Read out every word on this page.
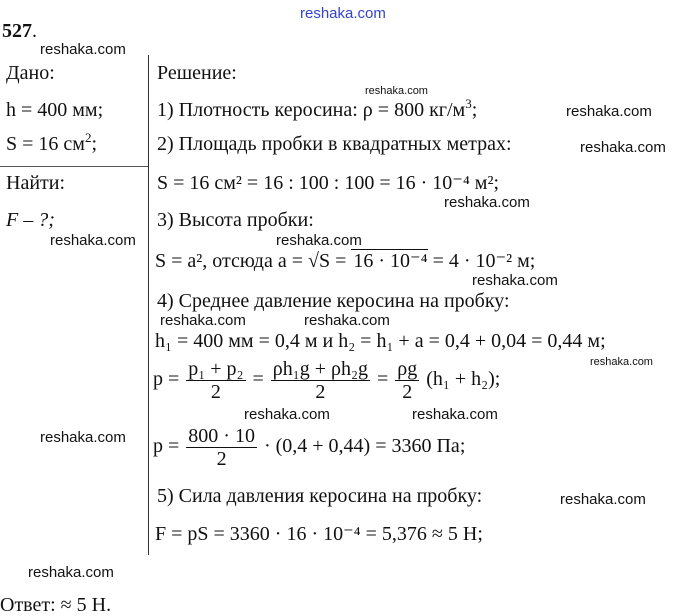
reshaka.com
527.
Дано:
h = 400 мм;
S = 16 $см^2$;
Найти:
F – ?;
Решение:
1) Плотность керосина: ρ = 800 $кг/м^3$;
2) Площадь пробки в квадратных метрах:
S = 16 см² = 16 : 100 : 100 = 16 · 10⁻⁴ м²;
3) Высота пробки:
S = a², отсюда a = √S = 16 · 10⁻⁴ = 4 · 10⁻² м;
4) Среднее давление керосина на пробку:
h₁ = 400 мм = 0,4 м и h₂ = h₁ + a = 0,4 + 0,04 = 0,44 м;
$p = \frac{\text{p₁ + p₂}}{2} = \frac{\text{ρh₁g + ρh₂g}}{2} = \frac{\rho g}{2} (h_1 + h_2)$;
$p = \frac{800 \cdot 10}{2} \cdot (0,4 + 0,44) = 3360$ Па;
5) Сила давления керосина на пробку:
F = pS = 3360 · 16 · 10⁻⁴ = 5,376 ≈ 5 Н;
Ответ: ≈ 5 Н.
reshaka.com
reshaka.com
reshaka.com
reshaka.com
reshaka.com
reshaka.com	reshaka.com
reshaka.com
reshaka.com	reshaka.com
reshaka.com
reshaka.com	reshaka.com
reshaka.com
reshaka.com
reshaka.com
